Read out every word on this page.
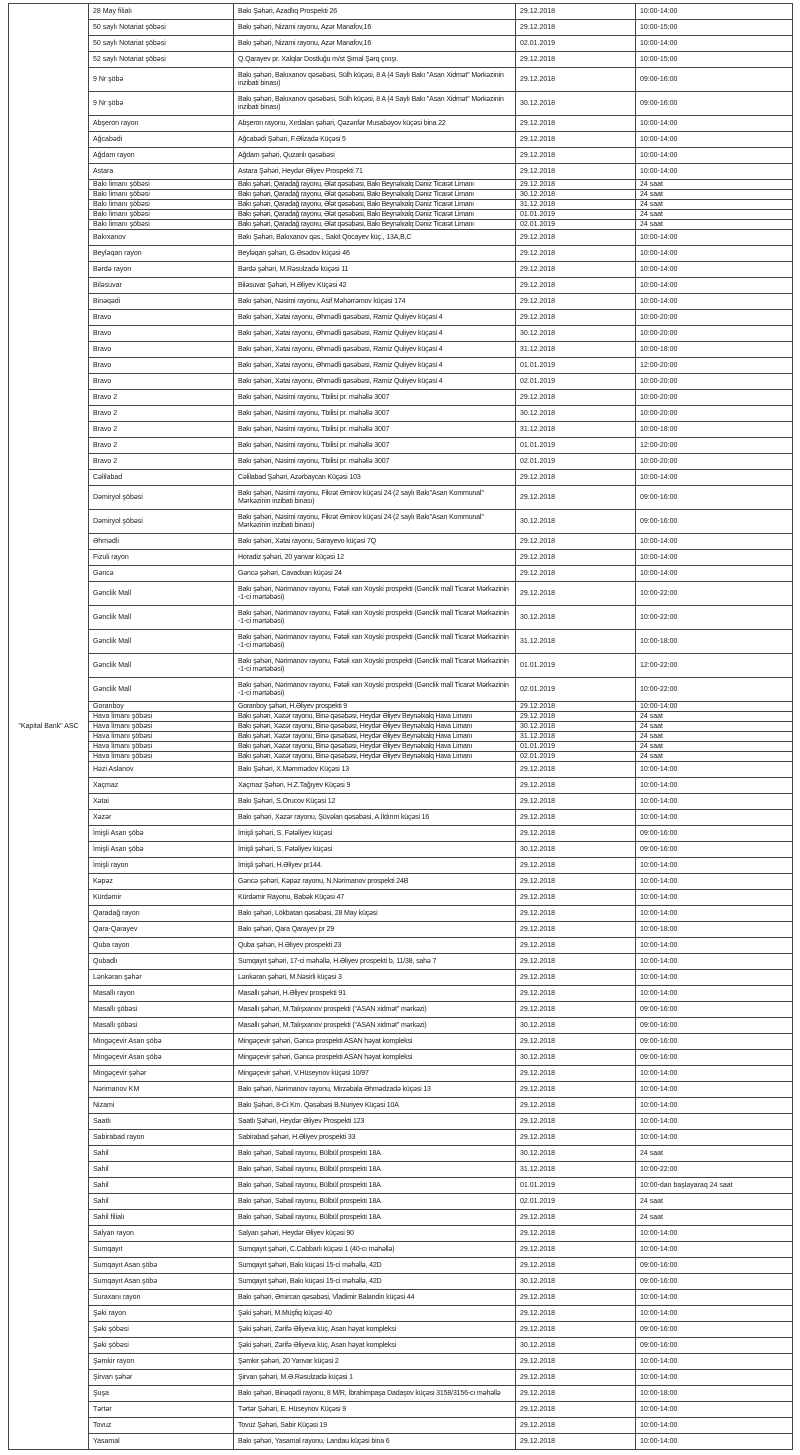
"Kapital Bank" ASC	28 May filialı	Bakı Şəhəri, Azadlıq Prospekti 26	29.12.2018	10:00-14:00
	50 saylı Notariat şöbəsi	Bakı şəhəri, Nizami rayonu, Azər Manafov,16	29.12.2018	10:00-15:00
	50 saylı Notariat şöbəsi	Bakı şəhəri, Nizami rayonu, Azər Manafov,16	02.01.2019	10:00-14:00
	52 saylı Notariat şöbəsi	Q.Qarayev pr. Xalqlar Dostluğu m/st Şimal Şərq çıxışı.	29.12.2018	10:00-15:00
	9 Nr şöbə	Bakı şəhəri, Bakıxanov qəsəbəsi, Sülh küçəsi, 8 A (4 Saylı Bakı "Asan Xidmət" Mərkəzinin inzibati binası)	29.12.2018	09:00-16:00
	9 Nr şöbə	Bakı şəhəri, Bakıxanov qəsəbəsi, Sülh küçəsi, 8 A (4 Saylı Bakı "Asan Xidmət" Mərkəzinin inzibati binası)	30.12.2018	09:00-16:00
	Abşeron rayon	Abşeron rayonu, Xırdalan şəhəri, Qəzənfər Musabəyov küçəsi bina 22	29.12.2018	10:00-14:00
	Ağcabədi	Ağcabədi Şəhəri, F.Əlizadə Küçəsi 5	29.12.2018	10:00-14:00
	Ağdam rayon	Ağdam şəhəri, Quzanlı qəsəbəsi	29.12.2018	10:00-14:00
	Astara	Astara Şəhəri, Heydər Əliyev Prospekti 71	29.12.2018	10:00-14:00
	Bakı limanı şöbəsi	Bakı şəhəri, Qaradağ rayonu, Ələt qəsəbəsi, Bakı Beynəlxalq Dəniz Ticarət Limanı	29.12.2018	24 saat
	Bakı limanı şöbəsi	Bakı şəhəri, Qaradağ rayonu, Ələt qəsəbəsi, Bakı Beynəlxalq Dəniz Ticarət Limanı	30.12.2018	24 saat
	Bakı limanı şöbəsi	Bakı şəhəri, Qaradağ rayonu, Ələt qəsəbəsi, Bakı Beynəlxalq Dəniz Ticarət Limanı	31.12.2018	24 saat
	Bakı limanı şöbəsi	Bakı şəhəri, Qaradağ rayonu, Ələt qəsəbəsi, Bakı Beynəlxalq Dəniz Ticarət Limanı	01.01.2019	24 saat
	Bakı limanı şöbəsi	Bakı şəhəri, Qaradağ rayonu, Ələt qəsəbəsi, Bakı Beynəlxalq Dəniz Ticarət Limanı	02.01.2019	24 saat
	Bakıxanov	Bakı Şəhəri, Bakıxanov qəs., Sakit Qocayev küç., 13A,B,C	29.12.2018	10:00-14:00
	Beyləqan rayon	Beyləqan şəhəri, G.Əsədov küçəsi 46	29.12.2018	10:00-14:00
	Bərdə rayon	Bərdə şəhəri, M.Rəsulzadə küçəsi 11	29.12.2018	10:00-14:00
	Biləsuvar	Biləsuvar Şəhəri, H.Əliyev Küçəsi 42	29.12.2018	10:00-14:00
	Binəqədi	Bakı şəhəri, Nəsimi rayonu, Asif Məhərrəmov küçəsi 174	29.12.2018	10:00-14:00
	Bravo	Bakı şəhəri, Xətai rayonu, Əhmədli qəsəbəsi, Ramiz Quliyev küçəsi 4	29.12.2018	10:00-20:00
	Bravo	Bakı şəhəri, Xətai rayonu, Əhmədli qəsəbəsi, Ramiz Quliyev küçəsi 4	30.12.2018	10:00-20:00
	Bravo	Bakı şəhəri, Xətai rayonu, Əhmədli qəsəbəsi, Ramiz Quliyev küçəsi 4	31.12.2018	10:00-18:00
	Bravo	Bakı şəhəri, Xətai rayonu, Əhmədli qəsəbəsi, Ramiz Quliyev küçəsi 4	01.01.2019	12:00-20:00
	Bravo	Bakı şəhəri, Xətai rayonu, Əhmədli qəsəbəsi, Ramiz Quliyev küçəsi 4	02.01.2019	10:00-20:00
	Bravo 2	Bakı şəhəri, Nəsimi rayonu, Tbilisi pr. məhəllə 3007	29.12.2018	10:00-20:00
	Bravo 2	Bakı şəhəri, Nəsimi rayonu, Tbilisi pr. məhəllə 3007	30.12.2018	10:00-20:00
	Bravo 2	Bakı şəhəri, Nəsimi rayonu, Tbilisi pr. məhəllə 3007	31.12.2018	10:00-18:00
	Bravo 2	Bakı şəhəri, Nəsimi rayonu, Tbilisi pr. məhəllə 3007	01.01.2019	12:00-20:00
	Bravo 2	Bakı şəhəri, Nəsimi rayonu, Tbilisi pr. məhəllə 3007	02.01.2019	10:00-20:00
	Cəlilabad	Cəlilabad Şəhəri, Azərbaycan Küçəsi 103	29.12.2018	10:00-14:00
	Dəmiryol şöbəsi	Bakı şəhəri, Nəsimi rayonu, Fikrət Əmirov küçəsi 24 (2 saylı Bakı"Asan Kommunal" Mərkəzinin inzibati binası)	29.12.2018	09:00-16:00
	Dəmiryol şöbəsi	Bakı şəhəri, Nəsimi rayonu, Fikrət Əmirov küçəsi 24 (2 saylı Bakı"Asan Kommunal" Mərkəzinin inzibati binası)	30.12.2018	09:00-16:00
	Əhmədli	Bakı şəhəri, Xətai rayonu, Sarayevo küçəsi 7Q	29.12.2018	10:00-14:00
	Fizuli rayon	Horadiz şəhəri, 20 yanvar küçəsi 12	29.12.2018	10:00-14:00
	Gəncə	Gəncə şəhəri, Cavadxan küçəsi 24	29.12.2018	10:00-14:00
	Gənclik Mall	Bakı şəhəri, Nərimanov rayonu, Fətəli xan Xoyski prospekti (Gənclik mall Ticarət Mərkəzinin -1-ci mərtəbəsi)	29.12.2018	10:00-22:00
	Gənclik Mall	Bakı şəhəri, Nərimanov rayonu, Fətəli xan Xoyski prospekti (Gənclik mall Ticarət Mərkəzinin -1-ci mərtəbəsi)	30.12.2018	10:00-22:00
	Gənclik Mall	Bakı şəhəri, Nərimanov rayonu, Fətəli xan Xoyski prospekti (Gənclik mall Ticarət Mərkəzinin -1-ci mərtəbəsi)	31.12.2018	10:00-18:00
	Gənclik Mall	Bakı şəhəri, Nərimanov rayonu, Fətəli xan Xoyski prospekti (Gənclik mall Ticarət Mərkəzinin -1-ci mərtəbəsi)	01.01.2019	12:00-22:00
	Gənclik Mall	Bakı şəhəri, Nərimanov rayonu, Fətəli xan Xoyski prospekti (Gənclik mall Ticarət Mərkəzinin -1-ci mərtəbəsi)	02.01.2019	10:00-22:00
	Goranboy	Goranboy şəhəri, H.Əliyev prospekti 9	29.12.2018	10:00-14:00
	Hava limanı şöbəsi	Bakı şəhəri, Xəzər rayonu, Binə qəsəbəsi, Heydər Əliyev Beynəlxalq Hava Limanı	29.12.2018	24 saat
	Hava limanı şöbəsi	Bakı şəhəri, Xəzər rayonu, Binə qəsəbəsi, Heydər Əliyev Beynəlxalq Hava Limanı	30.12.2018	24 saat
	Hava limanı şöbəsi	Bakı şəhəri, Xəzər rayonu, Binə qəsəbəsi, Heydər Əliyev Beynəlxalq Hava Limanı	31.12.2018	24 saat
	Hava limanı şöbəsi	Bakı şəhəri, Xəzər rayonu, Binə qəsəbəsi, Heydər Əliyev Beynəlxalq Hava Limanı	01.01.2019	24 saat
	Hava limanı şöbəsi	Bakı şəhəri, Xəzər rayonu, Binə qəsəbəsi, Heydər Əliyev Beynəlxalq Hava Limanı	02.01.2019	24 saat
	Həzi Aslanov	Bakı Şəhəri, X.Məmmədov Küçəsi 13	29.12.2018	10:00-14:00
	Xaçmaz	Xaçmaz Şəhəri, H.Z.Tağıyev Küçəsi 9	29.12.2018	10:00-14:00
	Xətai	Bakı Şəhəri, S.Orucov Küçəsi 12	29.12.2018	10:00-14:00
	Xəzər	Bakı şəhəri, Xəzər rayonu, Şüvəlan qəsəbəsi, A.İldırım küçəsi 16	29.12.2018	10:00-14:00
	İmişli Asan şöbə	İmişli şəhəri, S. Fətəliyev küçəsi	29.12.2018	09:00-16:00
	İmişli Asan şöbə	İmişli şəhəri, S. Fətəliyev küçəsi	30.12.2018	09:00-16:00
	İmişli rayon	İmişli şəhəri, H.Əliyev pr144.	29.12.2018	10:00-14:00
	Kəpəz	Gəncə şəhəri, Kəpəz rayonu, N.Nərimanov prospekti 24B	29.12.2018	10:00-14:00
	Kürdəmir	Kürdəmir Rayonu, Babək Küçəsi 47	29.12.2018	10:00-14:00
	Qaradağ rayon	Bakı şəhəri, Lökbatan qəsəbəsi, 28 May küçəsi	29.12.2018	10:00-14:00
	Qara-Qarayev	Bakı şəhəri, Qara Qarayev pr 29	29.12.2018	10:00-18:00
	Quba rayon	Quba şəhəri, H.Əliyev prospekti 23	29.12.2018	10:00-14:00
	Qubadlı	Sumqayıt şəhəri, 17-ci məhəllə, H.Əliyev prospekti b, 11/38, sahə 7	29.12.2018	10:00-14:00
	Lənkəran şəhər	Lənkəran şəhəri, M.Nəsirli küçəsi 3	29.12.2018	10:00-14:00
	Masallı rayon	Masallı şəhəri, H.Əliyev prospekti 91	29.12.2018	10:00-14:00
	Masallı şöbəsi	Masallı şəhəri, M.Talışxanov prospekti ("ASAN xidmət" mərkəzi)	29.12.2018	09:00-16:00
	Masallı şöbəsi	Masallı şəhəri, M.Talışxanov prospekti ("ASAN xidmət" mərkəzi)	30.12.2018	09:00-16:00
	Mingəçevir Asan şöbə	Mingəçevir şəhəri, Gəncə prospekti ASAN həyat kompleksi	29.12.2018	09:00-16:00
	Mingəçevir Asan şöbə	Mingəçevir şəhəri, Gəncə prospekti ASAN həyat kompleksi	30.12.2018	09:00-16:00
	Mingəçevir şəhər	Mingəçevir şəhəri, V.Hüseynov küçəsi 10/97	29.12.2018	10:00-14:00
	Nərimanov KM	Bakı şəhəri, Nərimanov rayonu, Mirzəbala Əhmədzadə küçəsi 13	29.12.2018	10:00-14:00
	Nizami	Bakı Şəhəri, 8-Ci Km. Qəsəbəsi B.Nuriyev Küçəsi 10A	29.12.2018	10:00-14:00
	Saatlı	Saatlı Şəhəri, Heydər Əliyev Prospekti 123	29.12.2018	10:00-14:00
	Sabirabad rayon	Sabirabad şəhəri, H.Əliyev prospekti 33	29.12.2018	10:00-14:00
	Sahil	Bakı şəhəri, Səbail rayonu, Bülbül prospekti 18A	30.12.2018	24 saat
	Sahil	Bakı şəhəri, Səbail rayonu, Bülbül prospekti 18A	31.12.2018	10:00-22:00
	Sahil	Bakı şəhəri, Səbail rayonu, Bülbül prospekti 18A	01.01.2019	10:00-dan başlayaraq 24 saat
	Sahil	Bakı şəhəri, Səbail rayonu, Bülbül prospekti 18A	02.01.2019	24 saat
	Sahil filialı	Bakı şəhəri, Səbail rayonu, Bülbül prospekti 18A	29.12.2018	24 saat
	Salyan rayon	Salyan şəhəri, Heydər Əliyev küçəsi 90	29.12.2018	10:00-14:00
	Sumqayıt	Sumqayıt şəhəri, C.Cabbarlı küçəsi 1 (40-cı məhəllə)	29.12.2018	10:00-14:00
	Sumqayıt Asan şöbə	Sumqayıt şəhəri, Bakı küçəsi 15-ci məhəllə, 42D	29.12.2018	09:00-16:00
	Sumqayıt Asan şöbə	Sumqayıt şəhəri, Bakı küçəsi 15-ci məhəllə, 42D	30.12.2018	09:00-16:00
	Suraxanı rayon	Bakı şəhəri, Əmircan qəsəbəsi, Vladimir Balandin küçəsi 44	29.12.2018	10:00-14:00
	Şəki rayon	Şəki şəhəri, M.Müşfiq küçəsi 40	29.12.2018	10:00-14:00
	Şəki şöbəsi	Şəki şəhəri, Zərifə Əliyeva küç, Asan həyat kompleksi	29.12.2018	09:00-16:00
	Şəki şöbəsi	Şəki şəhəri, Zərifə Əliyeva küç, Asan həyat kompleksi	30.12.2018	09:00-16:00
	Şəmkir rayon	Şəmkir şəhəri, 20 Yanvar küçəsi 2	29.12.2018	10:00-14:00
	Şirvan şəhər	Şirvan şəhəri, M.Ə.Rəsulzadə küçəsi 1	29.12.2018	10:00-14:00
	Şuşa	Bakı şəhəri, Binəqədi rayonu, 8 M/R, İbrahimpaşa Dadaşov küçəsi 3158/3156-cı məhəllə	29.12.2018	10:00-18:00
	Tərtər	Tərtər Şəhəri, E. Hüseynov Küçəsi 9	29.12.2018	10:00-14:00
	Tovuz	Tovuz Şəhəri, Sabir Küçəsi 19	29.12.2018	10:00-14:00
	Yasamal	Bakı şəhəri, Yasamal rayonu, Landau küçəsi bina 6	29.12.2018	10:00-14:00
